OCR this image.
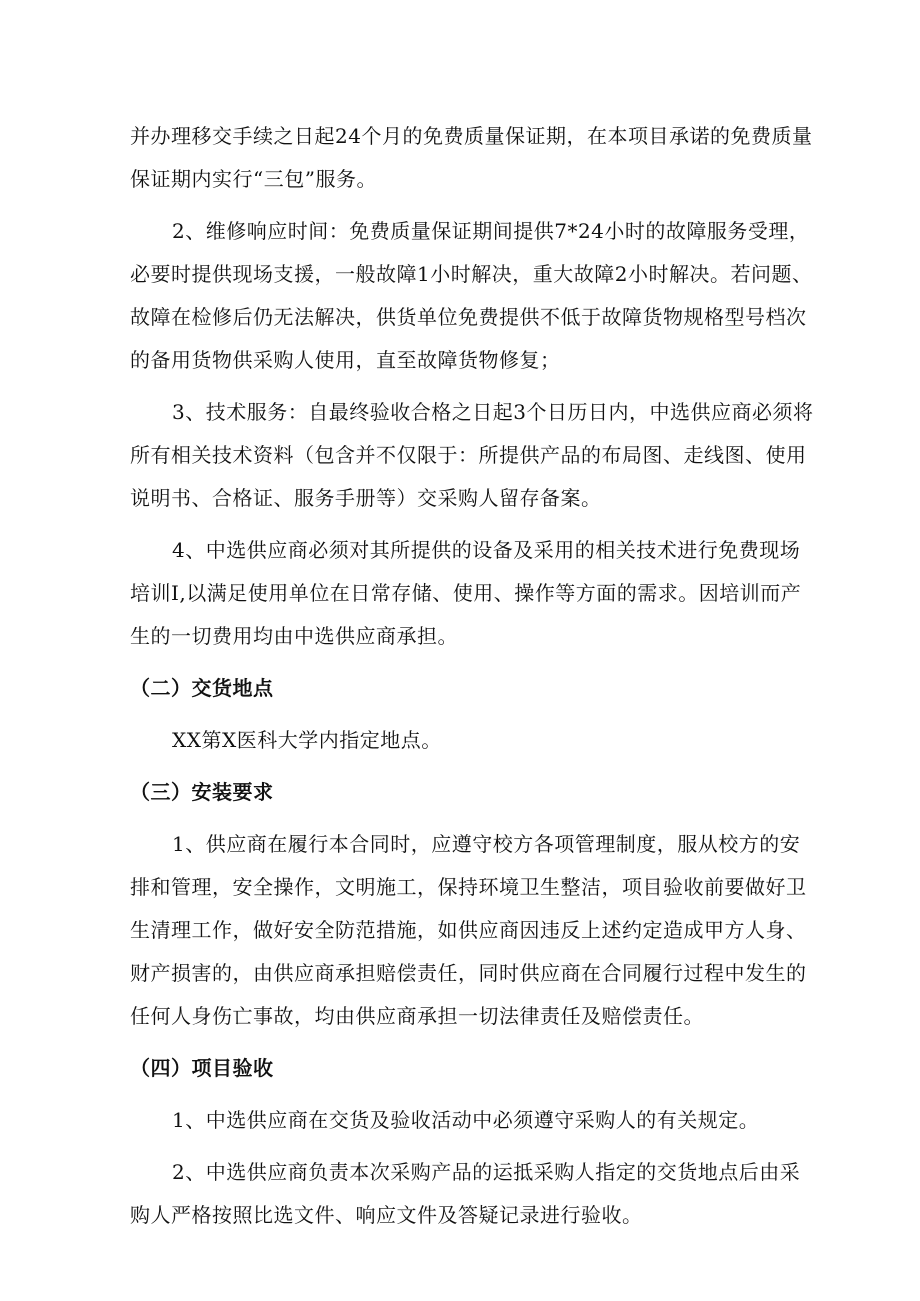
并办理移交手续之日起24个月的免费质量保证期，在本项目承诺的免费质量
保证期内实行“三包”服务。
2、维修响应时间：免费质量保证期间提供7*24小时的故障服务受理，
必要时提供现场支援，一般故障1小时解决，重大故障2小时解决。若问题、
故障在检修后仍无法解决，供货单位免费提供不低于故障货物规格型号档次
的备用货物供采购人使用，直至故障货物修复；
3、技术服务：自最终验收合格之日起3个日历日内，中选供应商必须将
所有相关技术资料（包含并不仅限于：所提供产品的布局图、走线图、使用
说明书、合格证、服务手册等）交采购人留存备案。
4、中选供应商必须对其所提供的设备及采用的相关技术进行免费现场
培训I,以满足使用单位在日常存储、使用、操作等方面的需求。因培训而产
生的一切费用均由中选供应商承担。
（二）交货地点
XX第X医科大学内指定地点。
（三）安装要求
1、供应商在履行本合同时，应遵守校方各项管理制度，服从校方的安
排和管理，安全操作，文明施工，保持环境卫生整洁，项目验收前要做好卫
生清理工作，做好安全防范措施，如供应商因违反上述约定造成甲方人身、
财产损害的，由供应商承担赔偿责任，同时供应商在合同履行过程中发生的
任何人身伤亡事故，均由供应商承担一切法律责任及赔偿责任。
（四）项目验收
1、中选供应商在交货及验收活动中必须遵守采购人的有关规定。
2、中选供应商负责本次采购产品的运抵采购人指定的交货地点后由采
购人严格按照比选文件、响应文件及答疑记录进行验收。
